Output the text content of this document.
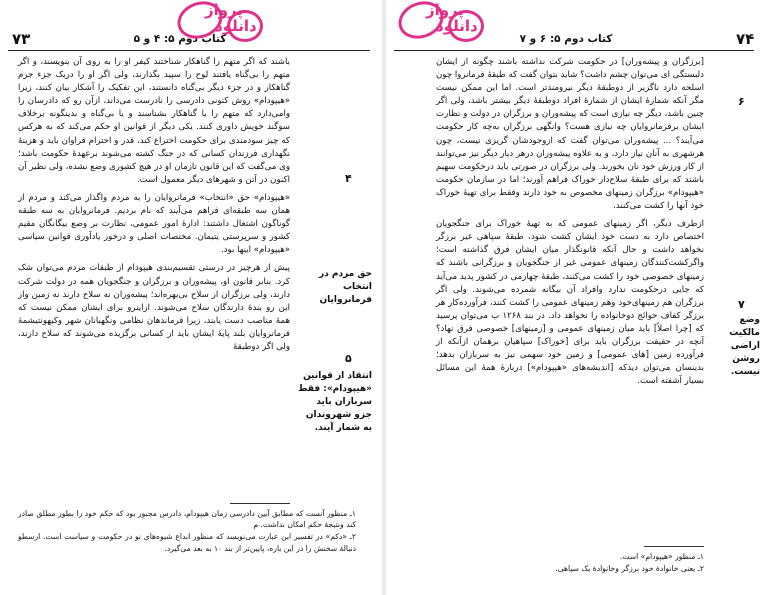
۷۳	کتاب دوم ۵: ۴ و ۵
پرواز
دانلود

باشند که اگر متهم را گناهکار شناختند کیفر او را به روی آن بنویسند، و اگر متهم را بی‌گناه یافتند لوح را سپید بگذارند، ولی اگر او را دریک جزء جرم گناهکار و در جزء دیگر بی‌گناه دانستند، این تفکیک را آشکار بیان کنند، زیرا «هیپودام» روش کنونی دادرسی را نادرست می‌داند، ازآن رو که دادرسان را وامی‌دارد که متهم را یا گناهکار بشناسند و یا بی‌گناه و بدینگونه برخلاف سوگند خویش داوری کنند. یکی دیگر از قوانین او حکم می‌کند که به هرکس که چیز سودمندی برای حکومت اختراع کند، قدر و احترام فراوان باید و هزینهٔ نگهداری فرزندان کسانی که در جنگ کشته می‌شوند برعهدهٔ حکومت باشد؛ وی می‌گفت که این قانون تازمان او در هیچ کشوری وضع نشده، ولی نظیر آن اکنون در آتن و شهرهای دیگر معمول است.

«هیپودام» حق «انتخاب» فرمانروایان را به مردم واگذار می‌کند و مردم از همان سه طبقه‌ای فراهم می‌آیند که نام بردیم. فرمانروایان به سه طبقه گوناگون اشتغال داشتند: ادارهٔ امور عمومی، نظارت بر وضع بیگانگان مقیم کشور و سرپرستی یتیمان. مختصات اصلی و درخور یادآوری قوانین سیاسی «هیپودام» اینها بود.

پیش از هرچیز در درستی تقسیم‌بندی هیپودام از طبقات مردم می‌توان شک کرد. بنابر قانون او، پیشه‌وران و برزگران و جنگجویان همه در دولت شرکت دارند، ولی برزگران از سلاح بی‌بهره‌اند؛ پیشه‌وران نه سلاح دارند نه زمین واز این رو بندهٔ دارندگان سلاح می‌شوند. ازاینرو برای ایشان ممکن نیست که همهٔ مناصب دست یابند، زیرا فرماندهان نظامی ونگهبانان شهر وکیهونتیشمهٔ فرمانروایان بلند پایهٔ ایشان باید از کسانی برگزیده می‌شوند که سلاح دارند، ولی اگر دوطبقهٔ

۴
حق مردم در انتخاب فرمانروایان
۵
انتقاد از قوانین «هیپودام»: فقط سربازان باید جزو شهروندان به شمار آیند.

۱ـ منظور آنست که مطابق آیین دادرسی زمان هیپودام، دادرس مجبور بود که حکم خود را بطور مطلق صادر کند ونتیجهٔ حکم امکان نداشت. م

۲ـ «دکم» در تفسیر این عبارت می‌نویسد که منظور ابداع شیوه‌های نو در حکومت و سیاست است. ارسطو دنبالهٔ سخنش را در این باره، پایین‌تر از بند ۱۰ به بعد می‌گیرد.

۷۴
کتاب دوم ۵: ۶ و ۷
پرواز
دانلود

[برزگران و پیشه‌وران] در حکومت شرکت نداشته باشند چگونه از ایشان دلبستگی ای می‌توان چشم داشت؟ شاید بتوان گفت که طبقهٔ فرمانروا چون اسلحه دارد ناگزیر از دوطبقهٔ دیگر نیرومندتر است. اما این ممکن نیست مگر آنکه شمارهٔ ایشان از شمارهٔ افراد دوطبقهٔ دیگر بیشتر باشد، ولی اگر چنین باشد، دیگر چه نیازی است که پیشه‌وران و برزگران در دولت و نظارت ایشان برفرمانروایان چه نیازی هست؟ وانگهی برزگران به‌چه کار حکومت می‌آیند؟ ... پیشه‌وران می‌توان گفت که ازوجودشان گریزی نیست، چون هرشهری به آنان نیاز دارد، و به علاوه پیشه‌وران درهر دیار دیگر نیز می‌توانند از کار ورزش خود نان بخورند. ولی برزگران در صورتی باید درحکومت سهیم باشند که برای طبقهٔ سلاح‌دار خوراک فراهم آورند؛ اما در سازمان حکومت «هیپودام» برزگران زمینهای مخصوص به خود دارند وفقط برای تهیهٔ خوراک خود آنها را کشت می‌کنند.

ازطرف دیگر، اگر زمینهای عمومی که به تهیهٔ خوراک برای جنگجویان اختصاص دارد به دست خود ایشان کشت شود، طبقهٔ سپاهی غیر برزگر نخواهد داشت و حال آنکه قانونگذار میان ایشان فرق گذاشته است؛ واگرکشت‌کنندگان زمینهای عمومی غیر از جنگجویان و برزگرانی باشند که زمینهای خصوصی خود را کشت می‌کنند، طبقهٔ چهارمی در کشور پدید می‌آید که جایی درحکومت ندارد وافراد آن بیگانه شمرده می‌شوند. ولی اگر برزگران هم زمینهای‌خود وهم زمینهای عمومی را کشت کنند، فرآورده‌کار هر برزگر کفاف حوائج دوخانواده را نخواهد داد. در بند ۱۲۶۸ ب می‌توان پرسید که [چرا اصلاً] باید میان زمینهای عمومی و [زمینهای] خصوصی فرق نهاد؟ آنچه در حقیقت برزگران باید برای [خوراک] سپاهیان برهمان ازآنکه از فرآورده زمین [های عمومی] و زمین خود سهمی نیز به سربازان بدهد؛ بدینسان می‌توان دیدکه [اندیشه‌های «هیپودام»] دربارهٔ همهٔ این مسائل بسیار آشفته است.

۶
۷
وضع مالکیت اراضی روشن نیست.

۱ـ منظور «هیپودام» است.

۲ـ یعنی خانوادهٔ خود برزگر وخانوادهٔ یک سپاهی.
